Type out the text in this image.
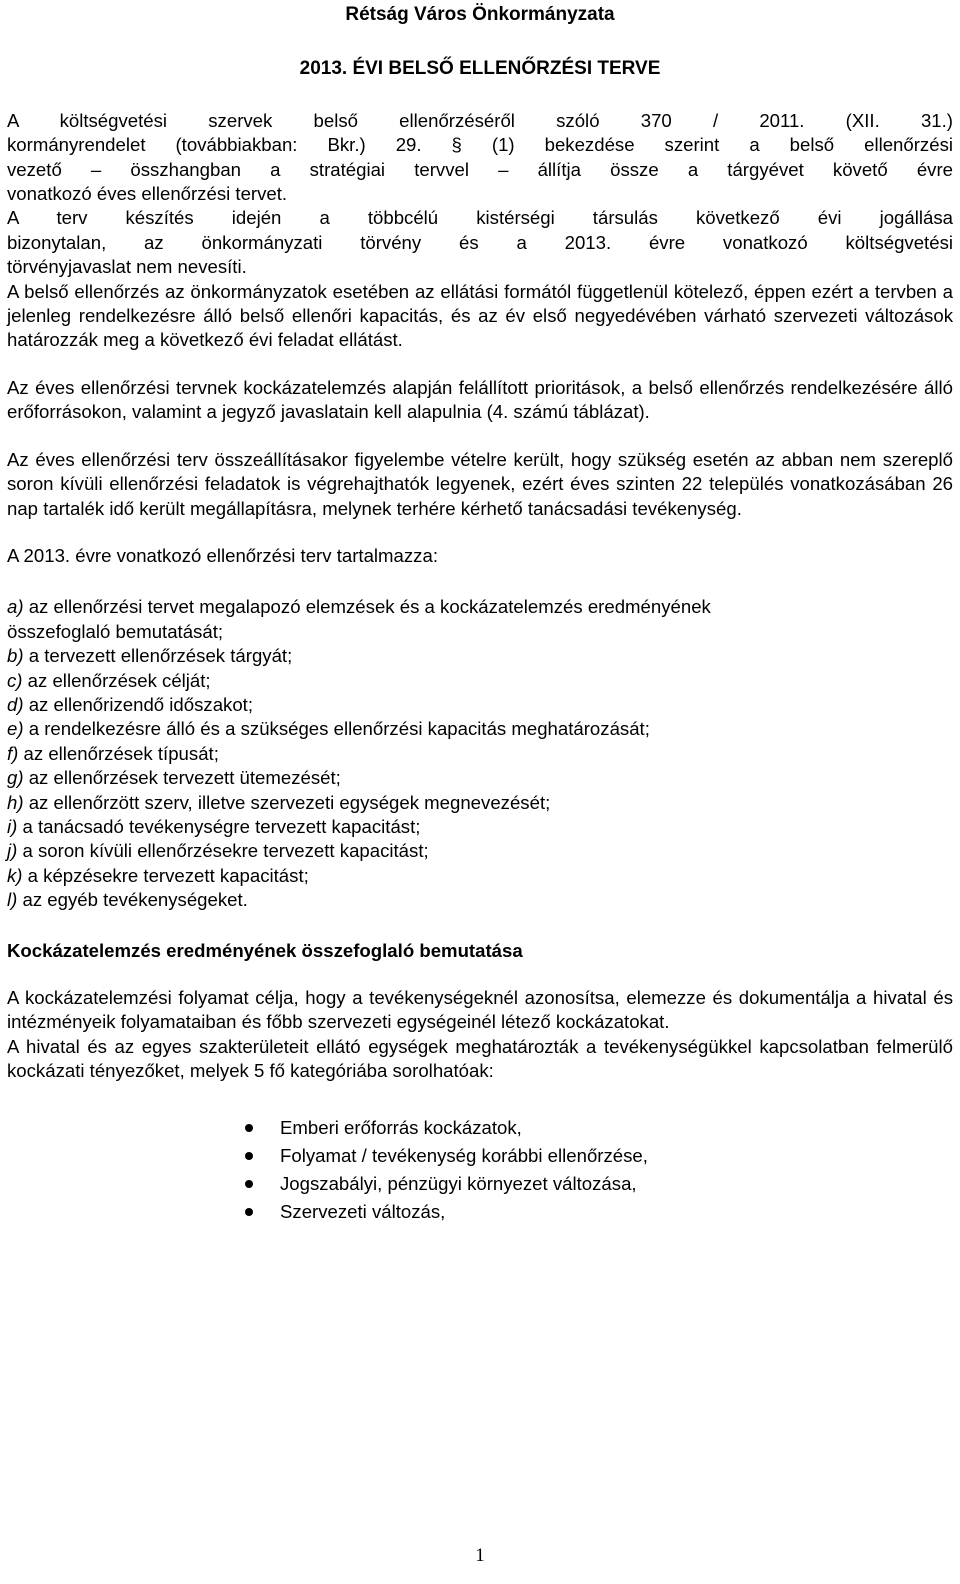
Rétság Város Önkormányzata
2013. ÉVI BELSŐ ELLENŐRZÉSI TERVE
A költségvetési szervek belső ellenőrzéséről szóló 370 / 2011. (XII. 31.)
kormányrendelet (továbbiakban: Bkr.) 29. § (1) bekezdése szerint a belső ellenőrzési
vezető – összhangban a stratégiai tervvel – állítja össze a tárgyévet követő évre
vonatkozó éves ellenőrzési tervet.
A terv készítés idején a többcélú kistérségi társulás következő évi jogállása
bizonytalan, az önkormányzati törvény és a 2013. évre vonatkozó költségvetési
törvényjavaslat nem nevesíti.
A belső ellenőrzés az önkormányzatok esetében az ellátási formától függetlenül kötelező, éppen ezért a tervben a jelenleg rendelkezésre álló belső ellenőri kapacitás, és az év első negyedévében várható szervezeti változások határozzák meg a következő évi feladat ellátást.
Az éves ellenőrzési tervnek kockázatelemzés alapján felállított prioritások, a belső ellenőrzés rendelkezésére álló erőforrásokon, valamint a jegyző javaslatain kell alapulnia (4. számú táblázat).
Az éves ellenőrzési terv összeállításakor figyelembe vételre került, hogy szükség esetén az abban nem szereplő soron kívüli ellenőrzési feladatok is végrehajthatók legyenek, ezért éves szinten 22 település vonatkozásában 26 nap tartalék idő került megállapításra, melynek terhére kérhető tanácsadási tevékenység.
A 2013. évre vonatkozó ellenőrzési terv tartalmazza:
a) az ellenőrzési tervet megalapozó elemzések és a kockázatelemzés eredményének
összefoglaló bemutatását;
b) a tervezett ellenőrzések tárgyát;
c) az ellenőrzések célját;
d) az ellenőrizendő időszakot;
e) a rendelkezésre álló és a szükséges ellenőrzési kapacitás meghatározását;
f) az ellenőrzések típusát;
g) az ellenőrzések tervezett ütemezését;
h) az ellenőrzött szerv, illetve szervezeti egységek megnevezését;
i) a tanácsadó tevékenységre tervezett kapacitást;
j) a soron kívüli ellenőrzésekre tervezett kapacitást;
k) a képzésekre tervezett kapacitást;
l) az egyéb tevékenységeket.
Kockázatelemzés eredményének összefoglaló bemutatása
A kockázatelemzési folyamat célja, hogy a tevékenységeknél azonosítsa, elemezze és dokumentálja a hivatal és intézményeik folyamataiban és főbb szervezeti egységeinél létező kockázatokat.
A hivatal és az egyes szakterületeit ellátó egységek meghatározták a tevékenységükkel kapcsolatban felmerülő kockázati tényezőket, melyek 5 fő kategóriába sorolhatóak:
Emberi erőforrás kockázatok,
Folyamat / tevékenység korábbi ellenőrzése,
Jogszabályi, pénzügyi környezet változása,
Szervezeti változás,
1
